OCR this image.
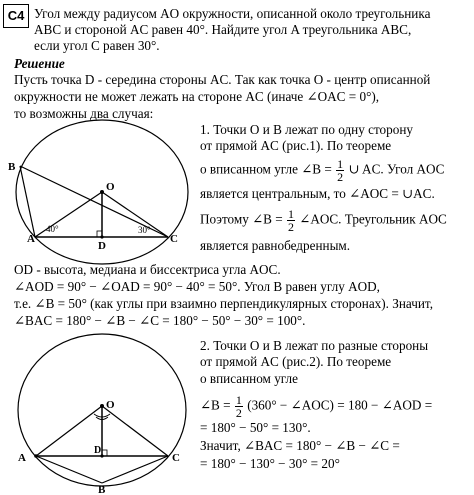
С4 Угол между радиусом AO окружности, описанной около треугольника
ABC и стороной AC равен 40°. Найдите угол A треугольника ABC,
если угол C равен 30°.
Решение
Пусть точка D - середина стороны AC. Так как точка O - центр описанной
окружности не может лежать на стороне AC (иначе ∠OAC = 0°),
то возможны два случая:
B
A	C
D
O
40°	30°
1. Точки O и B лежат по одну сторону
от прямой AC (рис.1). По теореме
о вписанном угле ∠B = $\frac{1}{2}$ ∪ AC. Угол AOC
является центральным, то ∠AOC = ∪AC.
Поэтому ∠B = $\frac{1}{2}$ ∠AOC. Треугольник AOC
является равнобедренным.
OD - высота, медиана и биссектриса угла AOC.
∠AOD = 90° − ∠OAD = 90° − 40° = 50°. Угол B равен углу AOD,
т.е. ∠B = 50° (как углы при взаимно перпендикулярных сторонах). Значит,
∠BAC = 180° − ∠B − ∠C = 180° − 50° − 30° = 100°.
O
A	C
D
B
2. Точки O и B лежат по разные стороны
от прямой AC (рис.2). По теореме
о вписанном угле
∠B = $\frac{1}{2} (360^\circ$ − ∠AOC) = 180 − ∠AOD =
= 180° − 50° = 130°.
Значит, ∠BAC = 180° − ∠B − ∠C =
= 180° − 130° − 30° = 20°
